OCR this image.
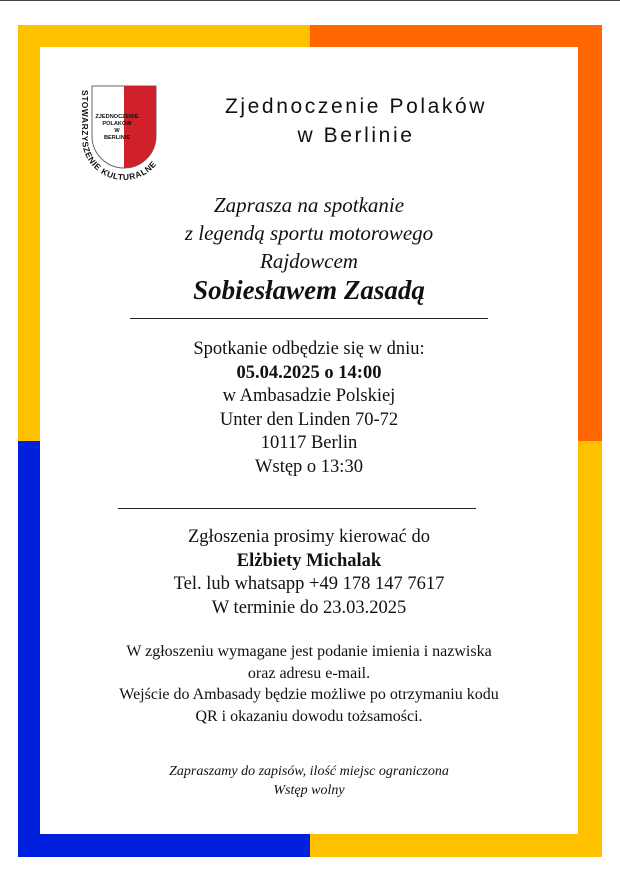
STOWARZYSZENIE KULTURALNE
ZJEDNOCZENIE
POLAKÓW
W
BERLINIE
Zjednoczenie Polaków
w Berlinie
Zaprasza na spotkanie
z legendą sportu motorowego
Rajdowcem
Sobiesławem Zasadą
Spotkanie odbędzie się w dniu:
05.04.2025 o 14:00
w Ambasadzie Polskiej
Unter den Linden 70-72
10117 Berlin
Wstęp o 13:30
Zgłoszenia prosimy kierować do
Elżbiety Michalak
Tel. lub whatsapp +49 178 147 7617
W terminie do 23.03.2025
W zgłoszeniu wymagane jest podanie imienia i nazwiska
oraz adresu e-mail.
Wejście do Ambasady będzie możliwe po otrzymaniu kodu
QR i okazaniu dowodu tożsamości.
Zapraszamy do zapisów, ilość miejsc ograniczona
Wstęp wolny
